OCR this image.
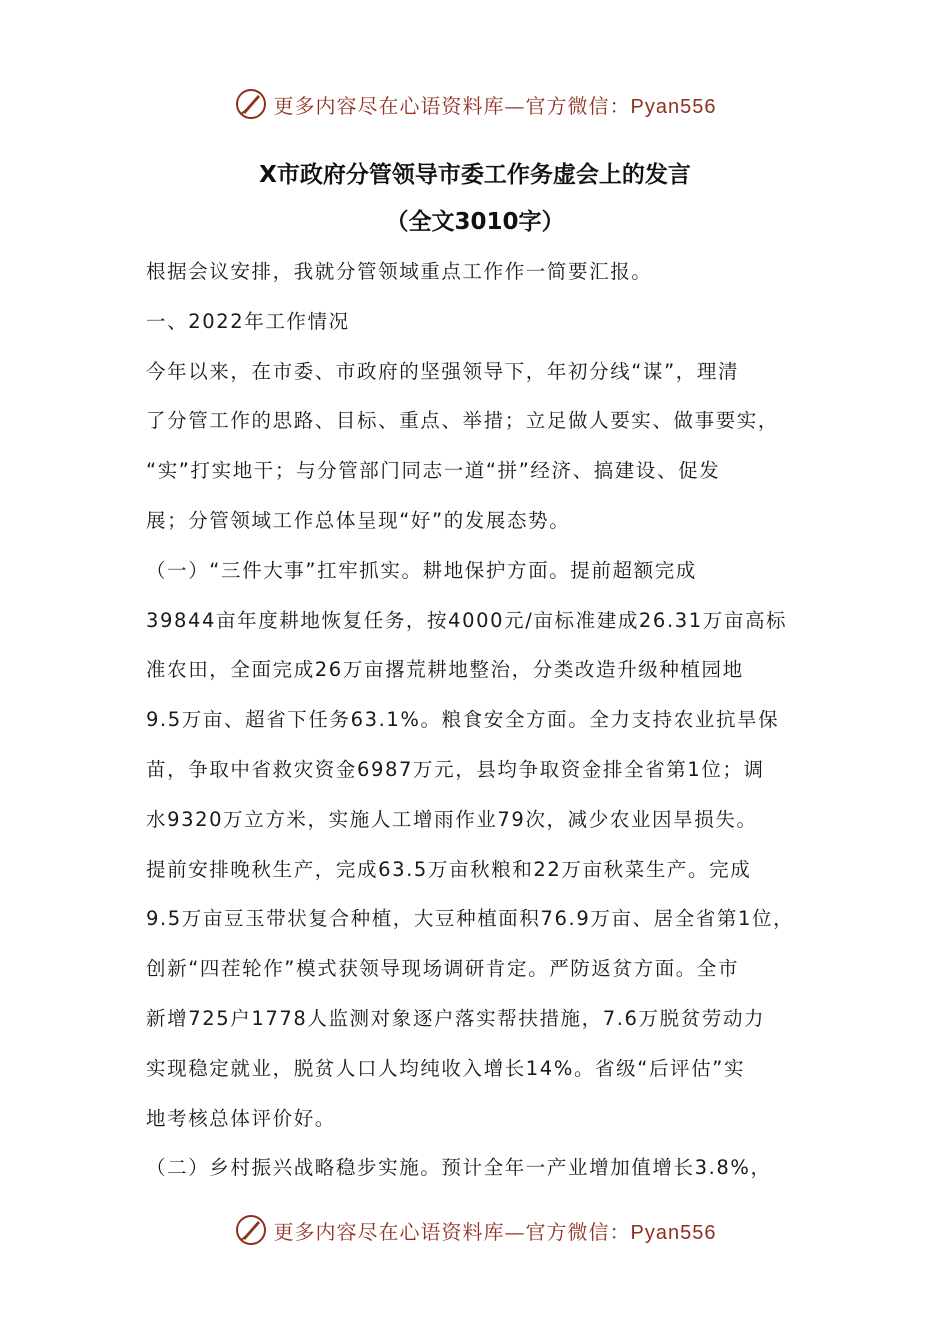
更多内容尽在心语资料库—官方微信：Pyan556
X市政府分管领导市委工作务虚会上的发言
（全文3010字）

根据会议安排，我就分管领域重点工作作一简要汇报。

一、2022年工作情况

今年以来，在市委、市政府的坚强领导下，年初分线“谋”，理清

了分管工作的思路、目标、重点、举措；立足做人要实、做事要实，

“实”打实地干；与分管部门同志一道“拼”经济、搞建设、促发

展；分管领域工作总体呈现“好”的发展态势。

（一）“三件大事”扛牢抓实。耕地保护方面。提前超额完成

39844亩年度耕地恢复任务，按4000元/亩标准建成26.31万亩高标

准农田，全面完成26万亩撂荒耕地整治，分类改造升级种植园地

9.5万亩、超省下任务63.1%。粮食安全方面。全力支持农业抗旱保

苗，争取中省救灾资金6987万元，县均争取资金排全省第1位；调

水9320万立方米，实施人工增雨作业79次，减少农业因旱损失。

提前安排晚秋生产，完成63.5万亩秋粮和22万亩秋菜生产。完成

9.5万亩豆玉带状复合种植，大豆种植面积76.9万亩、居全省第1位，

创新“四茬轮作”模式获领导现场调研肯定。严防返贫方面。全市

新增725户1778人监测对象逐户落实帮扶措施，7.6万脱贫劳动力

实现稳定就业，脱贫人口人均纯收入增长14%。省级“后评估”实

地考核总体评价好。

（二）乡村振兴战略稳步实施。预计全年一产业增加值增长3.8%，

更多内容尽在心语资料库—官方微信：Pyan556
